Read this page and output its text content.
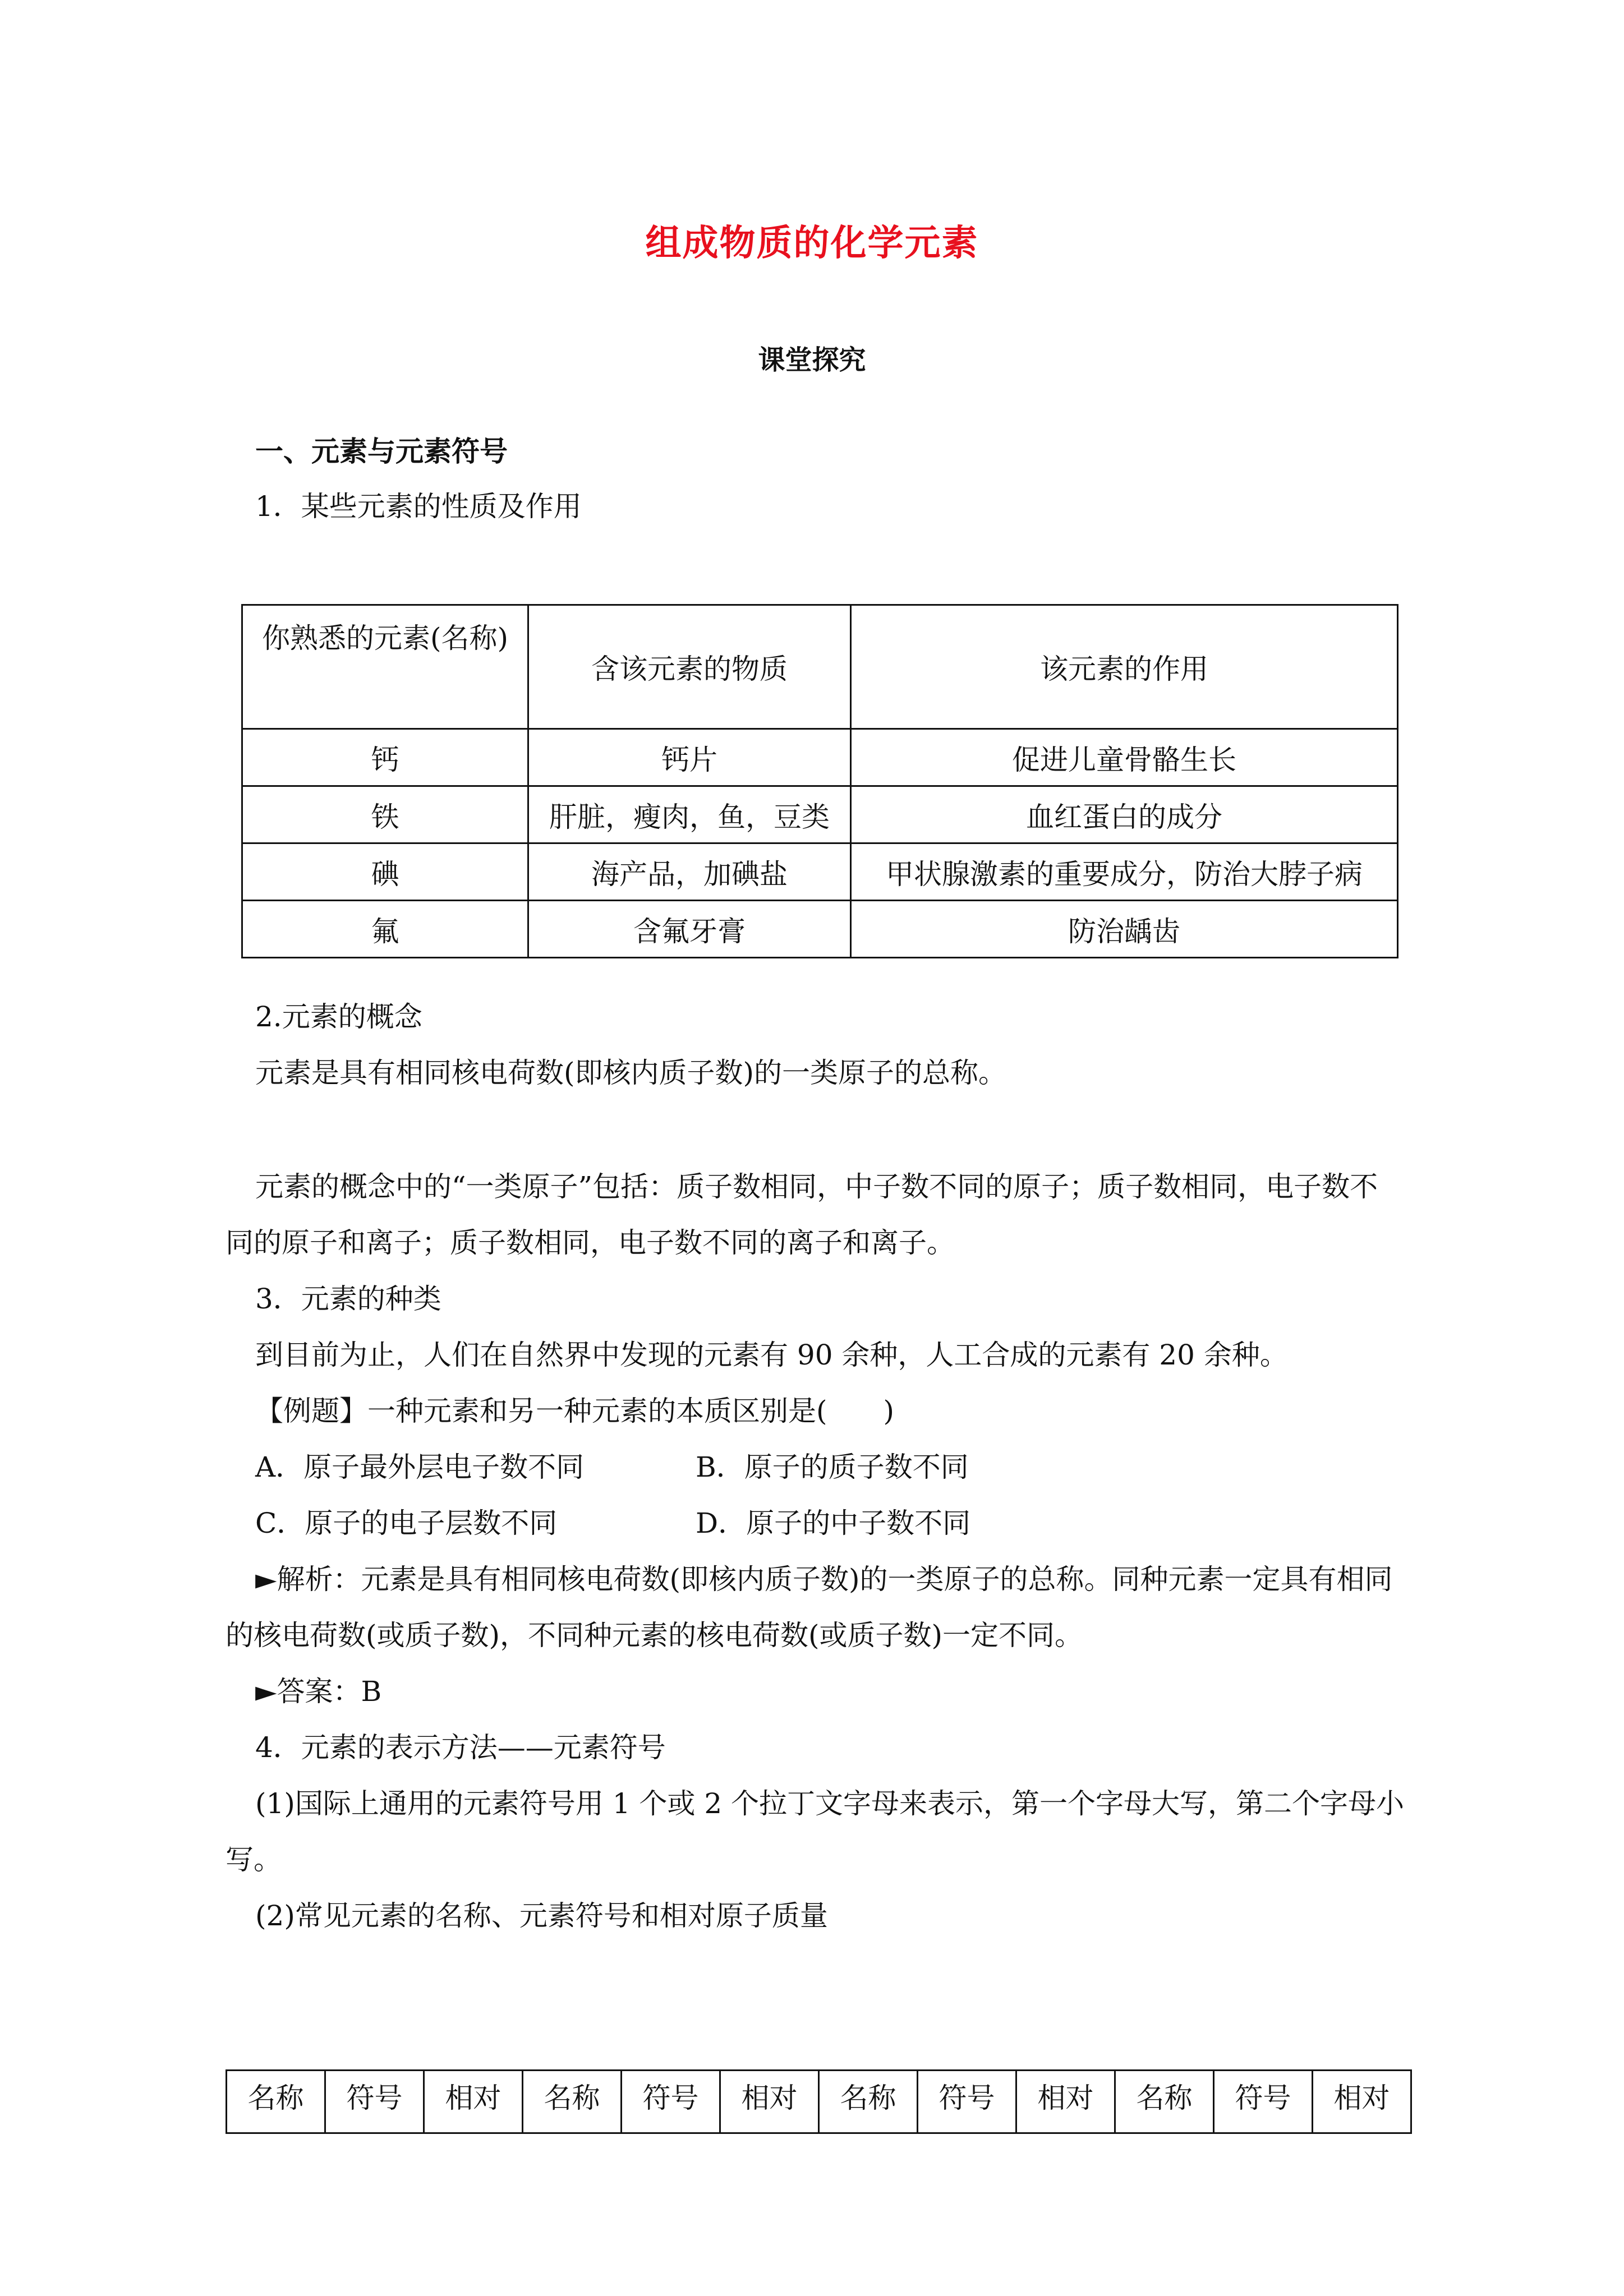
组成物质的化学元素
课堂探究
一、元素与元素符号
1．某些元素的性质及作用
你熟悉的元素(名称)	含该元素的物质	该元素的作用
钙	钙片	促进儿童骨骼生长
铁	肝脏，瘦肉，鱼，豆类	血红蛋白的成分
碘	海产品，加碘盐	甲状腺激素的重要成分，防治大脖子病
氟	含氟牙膏	防治龋齿
2.元素的概念
元素是具有相同核电荷数(即核内质子数)的一类原子的总称。
元素的概念中的“一类原子”包括：质子数相同，中子数不同的原子；质子数相同，电子数不
同的原子和离子；质子数相同，电子数不同的离子和离子。
3．元素的种类
到目前为止，人们在自然界中发现的元素有 90 余种，人工合成的元素有 20 余种。
【例题】一种元素和另一种元素的本质区别是(　　)
A．原子最外层电子数不同	B．原子的质子数不同
C．原子的电子层数不同	D．原子的中子数不同
►解析：元素是具有相同核电荷数(即核内质子数)的一类原子的总称。同种元素一定具有相同
的核电荷数(或质子数)，不同种元素的核电荷数(或质子数)一定不同。
►答案：B
4．元素的表示方法——元素符号
(1)国际上通用的元素符号用 1 个或 2 个拉丁文字母来表示，第一个字母大写，第二个字母小
写。
(2)常见元素的名称、元素符号和相对原子质量
名称	符号	相对	名称	符号	相对	名称	符号	相对	名称	符号	相对
